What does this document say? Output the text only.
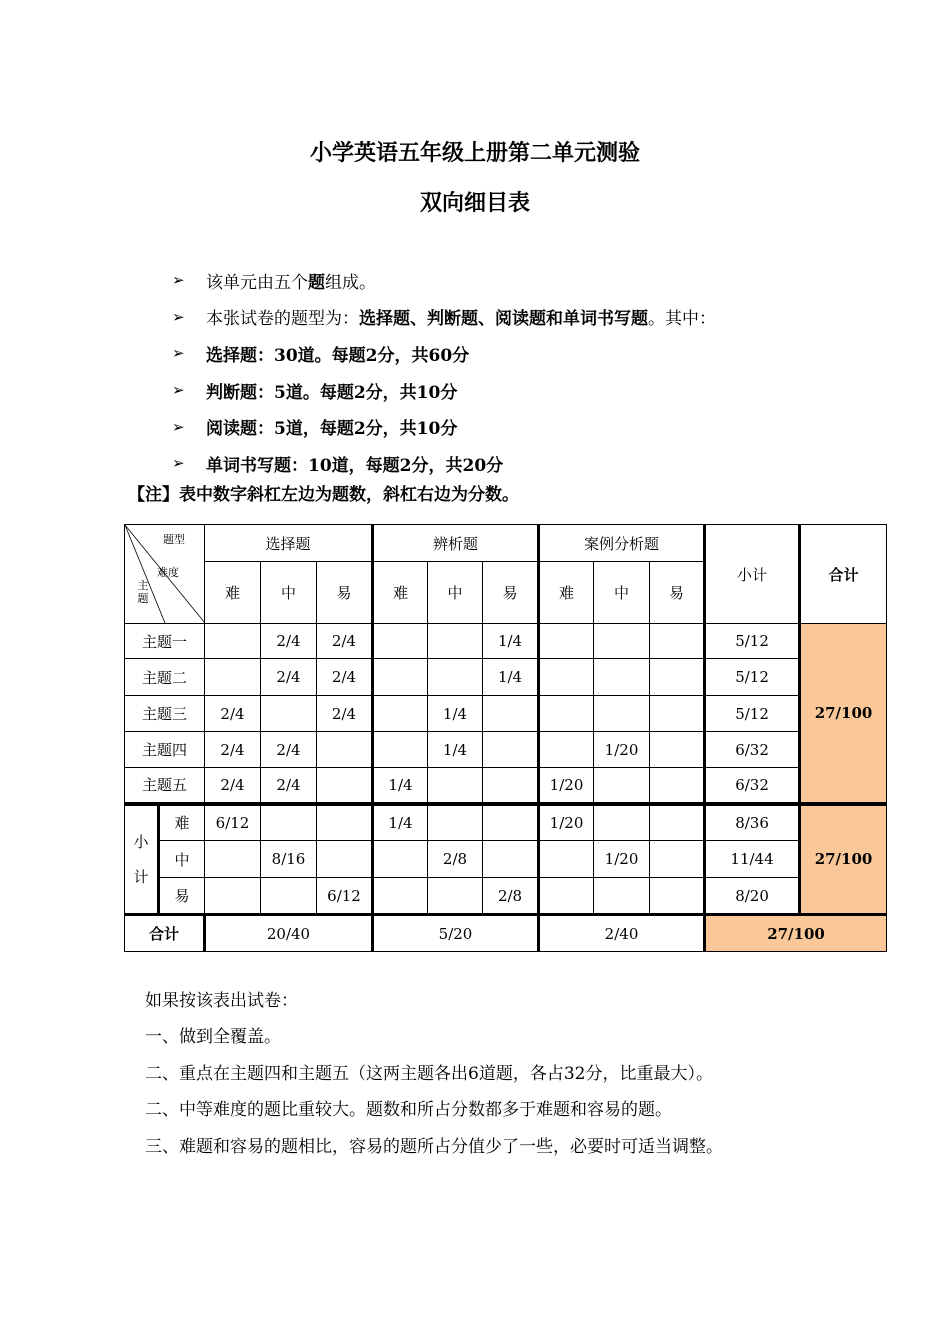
小学英语五年级上册第二单元测验
双向细目表
➢	该单元由五个 题 组成。
➢	本张试卷的题型为： 选择题、判断题、阅读题和单词书写题 。其中：
➢	选择题：30道。每题2分，共60分
➢	判断题：5道。每题2分，共10分
➢	阅读题：5道，每题2分，共10分
➢	单词书写题：10道，每题2分，共20分
【注】表中数字斜杠左边为题数，斜杠右边为分数。
题型
难度
主题		选择题			辨析题			案例分析题			小计	合计
		难	中	易	难	中	易	难	中	易		
主题一			2/4	2/4			1/4				5/12	27/100
主题二			2/4	2/4			1/4				5/12	
主题三		2/4		2/4		1/4					5/12	
主题四		2/4	2/4			1/4			1/20		6/32	
主题五		2/4	2/4		1/4			1/20			6/32	

小
计	难	6/12			1/4			1/20			8/36	27/100
	中		8/16			2/8			1/20		11/44	
	易			6/12			2/8				8/20	
合计		20/40			5/20			2/40			27/100	
如果按该表出试卷：
一、做到全覆盖。
二、重点在主题四和主题五（这两主题各出6道题，各占32分，比重最大）。
二、中等难度的题比重较大。题数和所占分数都多于难题和容易的题。
三、难题和容易的题相比，容易的题所占分值少了一些，必要时可适当调整。
